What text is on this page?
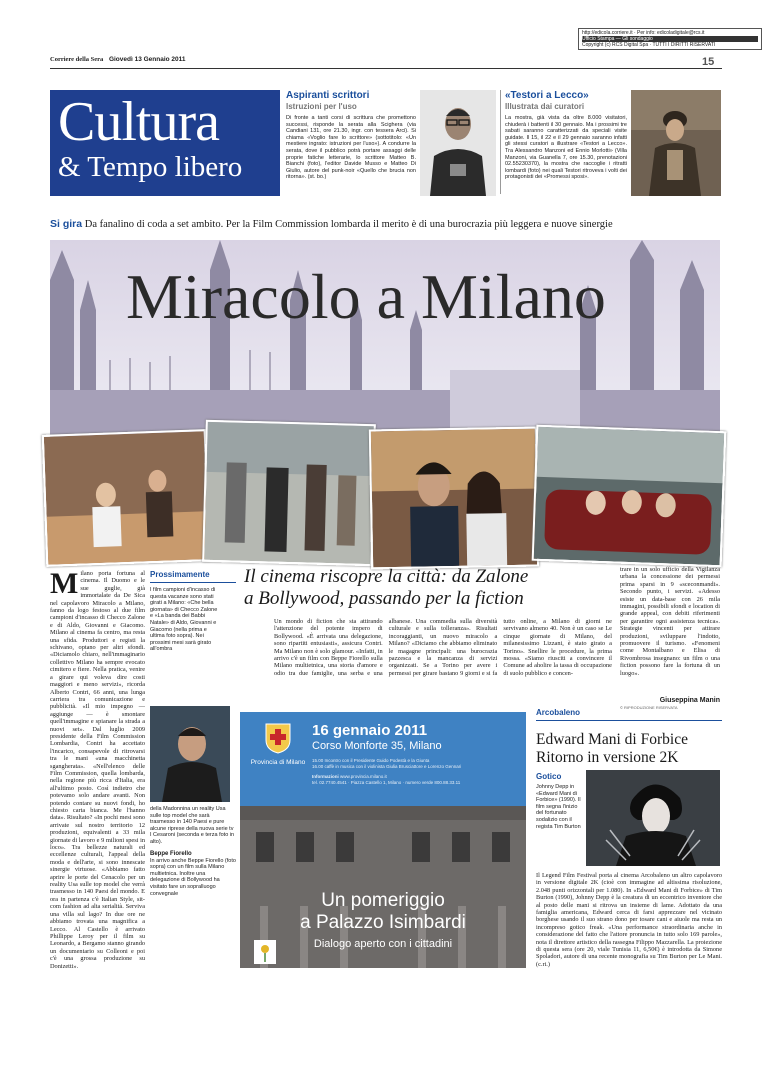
http://edicola.corriere.it · Per info: edicoladigitale@rcs.it
Ufficio Stampa — Gli sondaggio
Copyright (c) RCS Digital Spa · TUTTI I DIRITTI RISERVATI
Corriere della Sera Giovedì 13 Gennaio 2011	15
Cultura
& Tempo libero
Aspiranti scrittori
Istruzioni per l'uso
Di fronte a tanti corsi di scrittura che promettono successi, risponde la serata alla Scighera (via Candiani 131, ore 21.30, ingr. con tessera Arci). Si chiama «Voglio fare lo scrittore» (sottotitolo: «Un mestiere ingrato: istruzioni per l'uso»). A condurre la serata, dove il pubblico potrà portare assaggi delle proprie fatiche letterarie, lo scrittore Matteo B. Bianchi (foto), l'editor Davide Musso e Matteo Di Giulio, autore del punk-noir «Quello che brucia non ritorna». (st. bo.)
«Testori a Lecco»
Illustrata dai curatori
La mostra, già vista da oltre 8.000 visitatori, chiuderà i battenti il 30 gennaio. Ma i prossimi tre sabati saranno caratterizzati da speciali visite guidate. Il 15, il 22 e il 29 gennaio saranno infatti gli stessi curatori a illustrare «Testori a Lecco». Tra Alessandro Manzoni ed Ennio Morlotti» (Villa Manzoni, via Guanella 7, ore 15.30, prenotazioni 02.55230370), la mostra che raccoglie i ritratti lombardi (foto) nei quali Testori ritroveva i volti dei protagonisti dei «Promessi sposi».
Si gira Da fanalino di coda a set ambito. Per la Film Commission lombarda il merito è di una burocrazia più leggera e nuove sinergie
Miracolo a Milano
Milano porta fortuna al cinema. Il Duomo e le sue guglie, già immortalate da De Sica nel capolavoro Miracolo a Milano, fanno da logo festoso al due film campioni d'incasso di Checco Zalone e di Aldo, Giovanni e Giacomo. Milano al cinema fa centro, ma resta una sfida. Produttori e registi la schivano, optano per altri sfondi. «Diciamolo chiaro, nell'immaginario collettivo Milano ha sempre evocato cimitero e fiere. Nella pratica, venire a girare qui voleva dire costi maggiori e meno servizi», ricorda Alberto Contri, 66 anni, una lunga carriera tra comunicazione e pubblicità. «Il mio impegno — aggiunge — è smontare quell'immagine e spianare la strada a nuovi set». Dal luglio 2009 presidente della Film Commission Lombardia, Contri ha accettato l'incarico, consapevole di ritrovarsi tra le mani «una macchinetta sgangherata». «Nell'elenco delle Film Commission, quella lombarda, nella regione più ricca d'Italia, era all'ultimo posto. Così indietro che potevamo solo andare avanti. Non potendo contare su nuovi fondi, ho chiesto carta bianca. Me l'hanno data». Risultato? «In pochi mesi sono arrivate sul nostro territorio 12 produzioni, equivalenti a 33 mila giornate di lavoro e 9 milioni spesi in loco». Tra bellezze naturali ed eccellenze culturali, l'appeal della moda e dell'arte, si sono innescate sinergie virtuose. «Abbiamo fatto aprire le porte del Cenacolo per un reality Usa sulle top model che verrà trasmesso in 140 Paesi del mondo. E ora in partenza c'è Italian Style, sit-com fashion ad alta serialità. Serviva una villa sul lago? In due ore ne abbiamo trovata una magnifica a Lecco. Al Castello è arrivato Phillippe Leroy per il film su Leonardo, a Bergamo stanno girando un documentario su Colleoni e poi c'è una grossa produzione su Donizetti».
Prossimamente
I film campioni d'incasso di questa vacanze sono stati girati a Milano: «Che bella giornata» di Checco Zalone e «La banda dei Babbi Natale» di Aldo, Giovanni e Giacomo (nella prima e ultima foto sopra). Nei prossimi mesi sarà girato all'ombra
della Madonnina un reality Usa sulle top model che sarà trasmesso in 140 Paesi e pure alcune riprese della nuova serie tv I Cesaroni (seconda e terza foto in alto).
Beppe Fiorello
In arrivo anche Beppe Fiorello (foto sopra) con un film sulla Milano multietnica. Inoltre una delegazione di Bollywood ha visitato fare un sopralluogo convegnale
Il cinema riscopre la città: da Zalone
a Bollywood, passando per la fiction
Un mondo di fiction che sta attirando l'attenzione del potente impero di Bollywood. «È arrivata una delegazione, sono ripartiti entusiasti», assicura Contri. Ma Milano non è solo glamour. «Infatti, in arrivo c'è un film con Beppe Fiorello sulla Milano multietnica, una storia d'amore e odio tra due famiglie, una serba e una albanese. Una commedia sulla diversità culturale e sulla tolleranza». Risultati incoraggianti, un nuovo miracolo a Milano? «Diciamo che abbiamo eliminato le magagne principali: una burocrazia pazzesca e la mancanza di servizi organizzati. Se a Torino per avere i permessi per girare bastano 9 giorni e si fa tutto online, a Milano di giorni ne servivano almeno 40. Non è un caso se Le cinque giornate di Milano, del milanesissimo Lizzani, è stato girato a Torino». Snellire le procedure, la prima mossa. «Siamo riusciti a convincere il Comune ad aholire la tassa di occupazione di suolo pubblico e concen-
trare in un solo ufficio della Vigilanza urbana la concessione dei permessi prima sparsi in 9 «sceconmandi». Secondo punto, i servizi. «Adesso esiste un data-base con 26 mila immagini, possibili sfondi e location di grande appeal, con debiti riferimenti per garantire ogni assistenza tecnica». Strategie vincenti per attirare produzioni, sviluppare l'indotto, promuovere il turismo. «Fenomeni come Montalbano e Elisa di Rivombrosa insegnano: un film o una fiction possono fare la fortuna di un luogo».
Giuseppina Manin
© RIPRODUZIONE RISERVATA
Provincia di Milano
16 gennaio 2011
Corso Monforte 35, Milano
15.00 Incontro con il Presidente Guido Podestà e la Giunta
16.00 caffè in musica con il violinista Giulia Brusciattore e Lorenzo Gennari
Informazioni www.provincia.milano.it
tel. 02.7740.4541 · Piazza Castello 1, Milano · numero verde 800.88.33.11
Un pomeriggio
a Palazzo Isimbardi
Dialogo aperto con i cittadini
Arcobaleno
Edward Mani di Forbice
Ritorno in versione 2K
Gotico
Johnny Depp in «Edward Mani di Forbice» (1990). Il film segna l'inizio del fortunato sodalizio con il regista Tim Burton
Il Legend Film Festival porta al cinema Arcobaleno un altro capolavoro in versione digitale 2K (cioè con immagine ad altissima risoluzione, 2.048 punti orizzontali per 1.080). In «Edward Mani di Forbice» di Tim Burton (1990), Johnny Depp è la creatura di un eccentrico inventore che al posto delle mani si ritrova un insieme di lame. Adottato da una famiglia americana, Edward cerca di farsi apprezzare nel vicinato borghese usando il suo strano dono per tosare cani e aiuole ma resta un incompreso gotico freak. «Una performance straordinaria anche in considerazione del fatto che l'attore pronuncia in tutto solo 169 parole», nota il direttore artistico della rassegna Filippo Mazzarella. La proiezione di questa sera (ore 20, viale Tunisia 11, 6,50€) è introdotta da Simone Spoladori, autore di una recente monografia su Tim Burton per Le Mani. (c.ri.)
